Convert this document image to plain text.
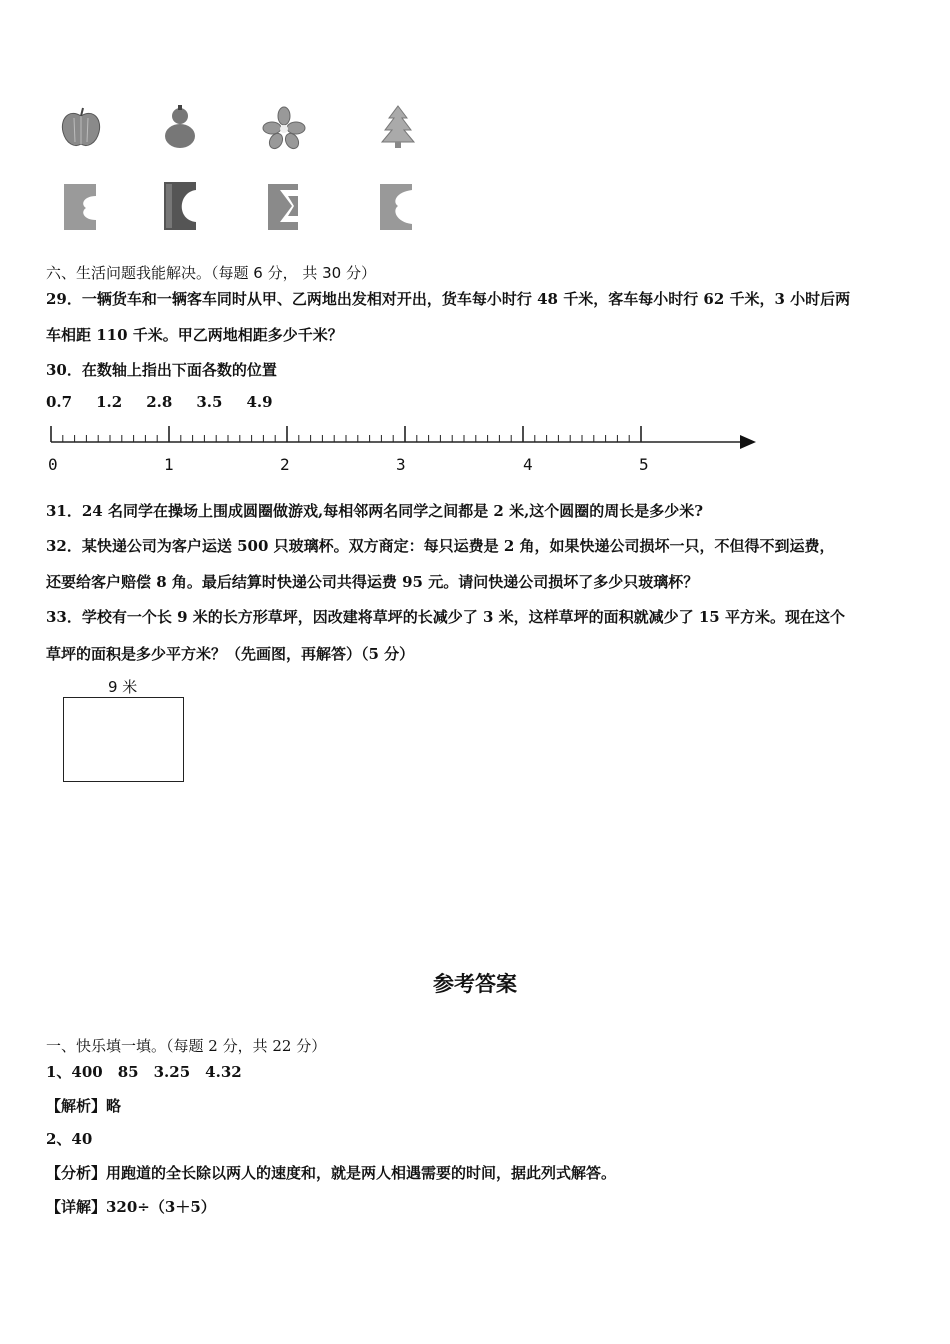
六、生活问题我能解决。（每题 6 分， 共 30 分）
29．一辆货车和一辆客车同时从甲、乙两地出发相对开出，货车每小时行 48 千米，客车每小时行 62 千米，3 小时后两
车相距 110 千米。甲乙两地相距多少千米？
30．在数轴上指出下面各数的位置
0.7 1.2 2.8 3.5 4.9
0	1	2	3	4	5
31．24 名同学在操场上围成圆圈做游戏,每相邻两名同学之间都是 2 米,这个圆圈的周长是多少米?
32．某快递公司为客户运送 500 只玻璃杯。双方商定：每只运费是 2 角，如果快递公司损坏一只，不但得不到运费，
还要给客户赔偿 8 角。最后结算时快递公司共得运费 95 元。请问快递公司损坏了多少只玻璃杯？
33．学校有一个长 9 米的长方形草坪，因改建将草坪的长减少了 3 米，这样草坪的面积就减少了 15 平方米。现在这个
草坪的面积是多少平方米？（先画图，再解答）（5 分）
9 米
参考答案
一、快乐填一填。（每题 2 分，共 22 分）
1、400　85　3.25　4.32
【解析】略
2、40
【分析】用跑道的全长除以两人的速度和，就是两人相遇需要的时间，据此列式解答。
【详解】320÷（3＋5）
